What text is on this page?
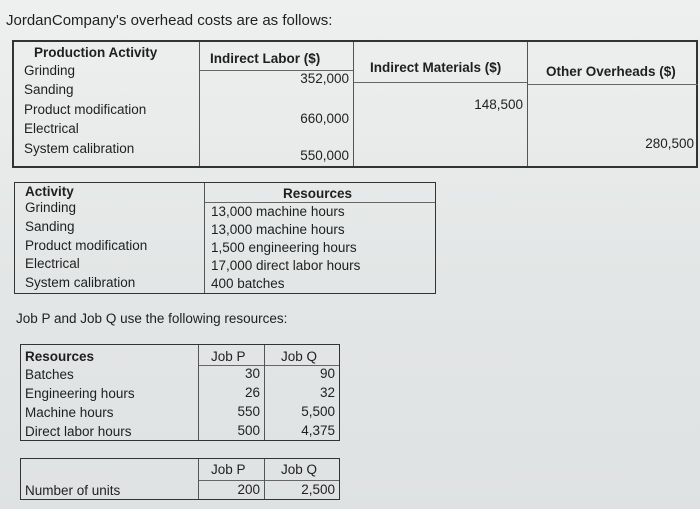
JordanCompany's overhead costs are as follows:
Production Activity
Grinding
Sanding
Product modification
Electrical
System calibration
Indirect Labor ($)
352,000
660,000
550,000
Indirect Materials ($)
148,500
Other Overheads ($)
280,500
Activity
Grinding
Sanding
Product modification
Electrical
System calibration
Resources
13,000 machine hours
13,000 machine hours
1,500 engineering hours
17,000 direct labor hours
400 batches
Job P and Job Q use the following resources:
Resources
Batches
Engineering hours
Machine hours
Direct labor hours
Job P
30
26
550
500
Job Q
90
32
5,500
4,375
Number of units
Job P
200
Job Q
2,500
